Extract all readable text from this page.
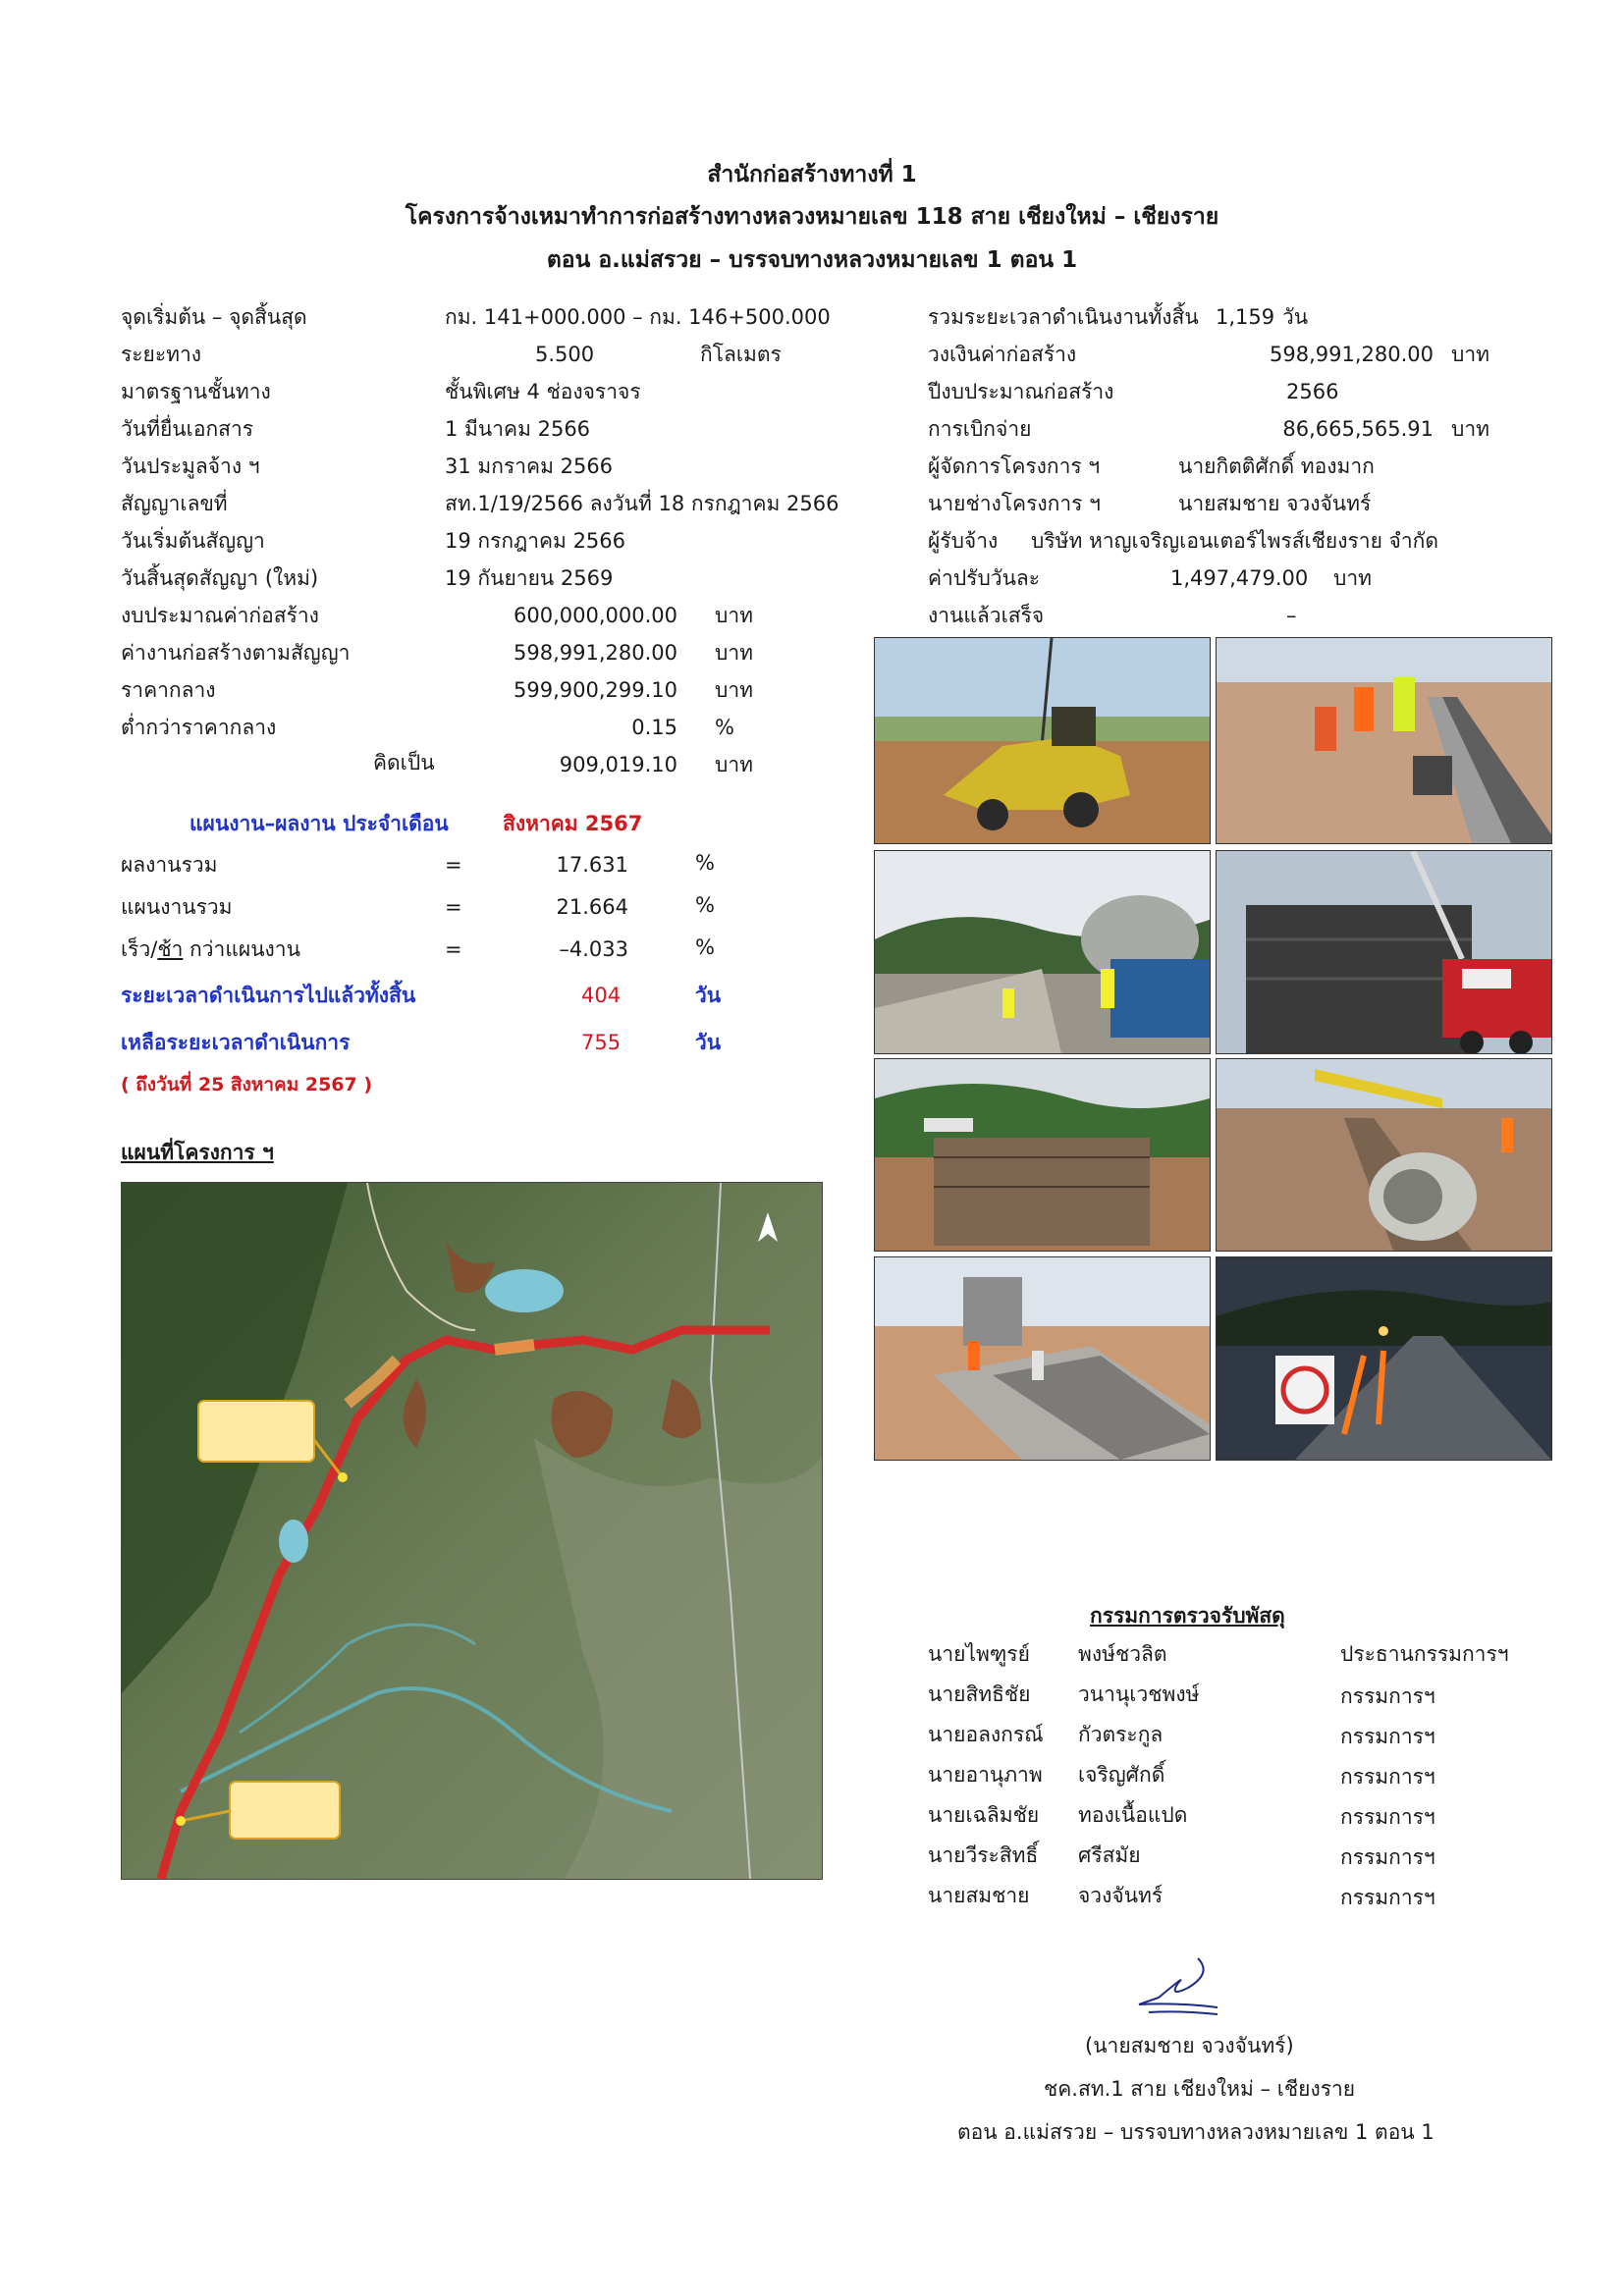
สำนักก่อสร้างทางที่ 1
โครงการจ้างเหมาทำการก่อสร้างทางหลวงหมายเลข 118 สาย เชียงใหม่ – เชียงราย
ตอน อ.แม่สรวย – บรรจบทางหลวงหมายเลข 1 ตอน 1
จุดเริ่มต้น – จุดสิ้นสุด	กม. 141+000.000 – กม. 146+500.000
ระยะทาง	5.500	กิโลเมตร
มาตรฐานชั้นทาง	ชั้นพิเศษ 4 ช่องจราจร
วันที่ยื่นเอกสาร	1 มีนาคม 2566
วันประมูลจ้าง ฯ	31 มกราคม 2566
สัญญาเลขที่	สท.1/19/2566 ลงวันที่ 18 กรกฎาคม 2566
วันเริ่มต้นสัญญา	19 กรกฎาคม 2566
วันสิ้นสุดสัญญา (ใหม่)	19 กันยายน 2569
งบประมาณค่าก่อสร้าง	600,000,000.00 บาท
ค่างานก่อสร้างตามสัญญา	598,991,280.00 บาท
ราคากลาง	599,900,299.10 บาท
ต่ำกว่าราคากลาง	0.15 %
คิดเป็น	909,019.10 บาท
รวมระยะเวลาดำเนินงานทั้งสิ้น 1,159 วัน
วงเงินค่าก่อสร้าง	598,991,280.00 บาท
ปีงบประมาณก่อสร้าง	2566
การเบิกจ่าย	86,665,565.91 บาท
ผู้จัดการโครงการ ฯ	นายกิตติศักดิ์ ทองมาก
นายช่างโครงการ ฯ	นายสมชาย จวงจันทร์
ผู้รับจ้าง บริษัท หาญเจริญเอนเตอร์ไพรส์เชียงราย จำกัด
ค่าปรับวันละ	1,497,479.00 บาท
งานแล้วเสร็จ	–
แผนงาน–ผลงาน ประจำเดือน	สิงหาคม 2567
ผลงานรวม	=	17.631	%
แผนงานรวม	=	21.664	%
เร็ว/ช้า กว่าแผนงาน	=	–4.033	%
ระยะเวลาดำเนินการไปแล้วทั้งสิ้น	404	วัน
เหลือระยะเวลาดำเนินการ	755	วัน
( ถึงวันที่ 25 สิงหาคม 2567 )
แผนที่โครงการ ฯ
กรรมการตรวจรับพัสดุ
นายไพฑูรย์ พงษ์ชวลิต	ประธานกรรมการฯ
นายสิทธิชัย วนานุเวชพงษ์	กรรมการฯ
นายอลงกรณ์ กัวตระกูล	กรรมการฯ
นายอานุภาพ เจริญศักดิ์	กรรมการฯ
นายเฉลิมชัย ทองเนื้อแปด	กรรมการฯ
นายวีระสิทธิ์ ศรีสมัย	กรรมการฯ
นายสมชาย จวงจันทร์	กรรมการฯ
(นายสมชาย จวงจันทร์)
ชค.สท.1 สาย เชียงใหม่ – เชียงราย
ตอน อ.แม่สรวย – บรรจบทางหลวงหมายเลข 1 ตอน 1
